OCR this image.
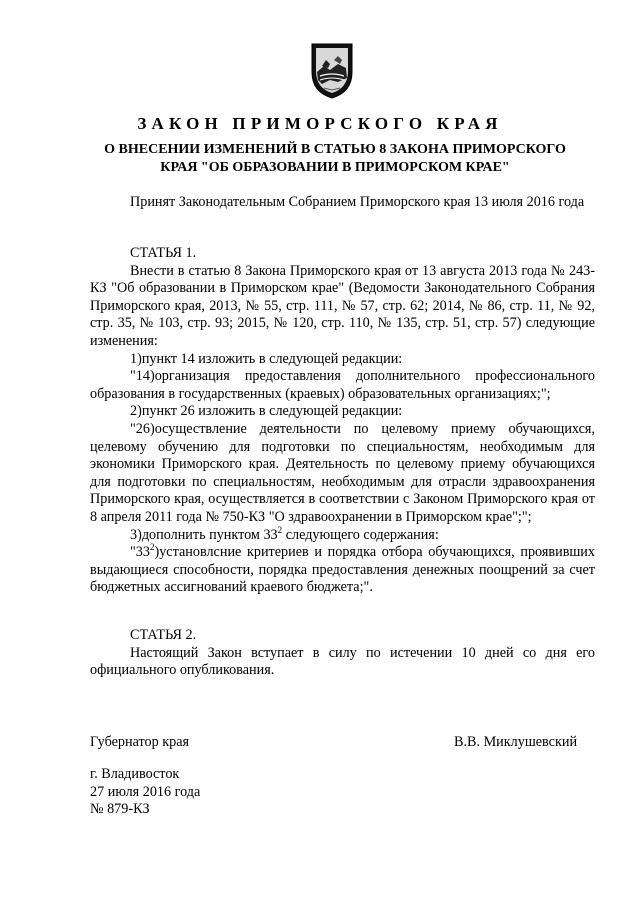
ЗАКОН ПРИМОРСКОГО КРАЯ
О ВНЕСЕНИИ ИЗМЕНЕНИЙ В СТАТЬЮ 8 ЗАКОНА ПРИМОРСКОГО
КРАЯ "ОБ ОБРАЗОВАНИИ В ПРИМОРСКОМ КРАЕ"

Принят Законодательным Собранием Приморского края 13 июля 2016 года

СТАТЬЯ 1.

Внести в статью 8 Закона Приморского края от 13 августа 2013 года № 243-КЗ "Об образовании в Приморском крае" (Ведомости Законодательного Собрания Приморского края, 2013, № 55, стр. 111, № 57, стр. 62; 2014, № 86, стр. 11, № 92, стр. 35, № 103, стр. 93; 2015, № 120, стр. 110, № 135, стр. 51, стр. 57) следующие изменения:

1)пункт 14 изложить в следующей редакции:

"14)организация предоставления дополнительного профессионального образования в государственных (краевых) образовательных организациях;";

2)пункт 26 изложить в следующей редакции:

"26)осуществление деятельности по целевому приему обучающихся, целевому обучению для подготовки по специальностям, необходимым для экономики Приморского края. Деятельность по целевому приему обучающихся для подготовки по специальностям, необходимым для отрасли здравоохранения Приморского края, осуществляется в соответствии с Законом Приморского края от 8 апреля 2011 года № 750-КЗ "О здравоохранении в Приморском крае";";

3)дополнить пунктом $33^2$ следующего содержания:

"$33^2)установлсние$ критериев и порядка отбора обучающихся, проявивших выдающиеся способности, порядка предоставления денежных поощрений за счет бюджетных ассигнований краевого бюджета;".

СТАТЬЯ 2.

Настоящий Закон вступает в силу по истечении 10 дней со дня его официального опубликования.

Губернатор края	В.В. Миклушевский
г. Владивосток
27 июля 2016 года
№ 879-КЗ
